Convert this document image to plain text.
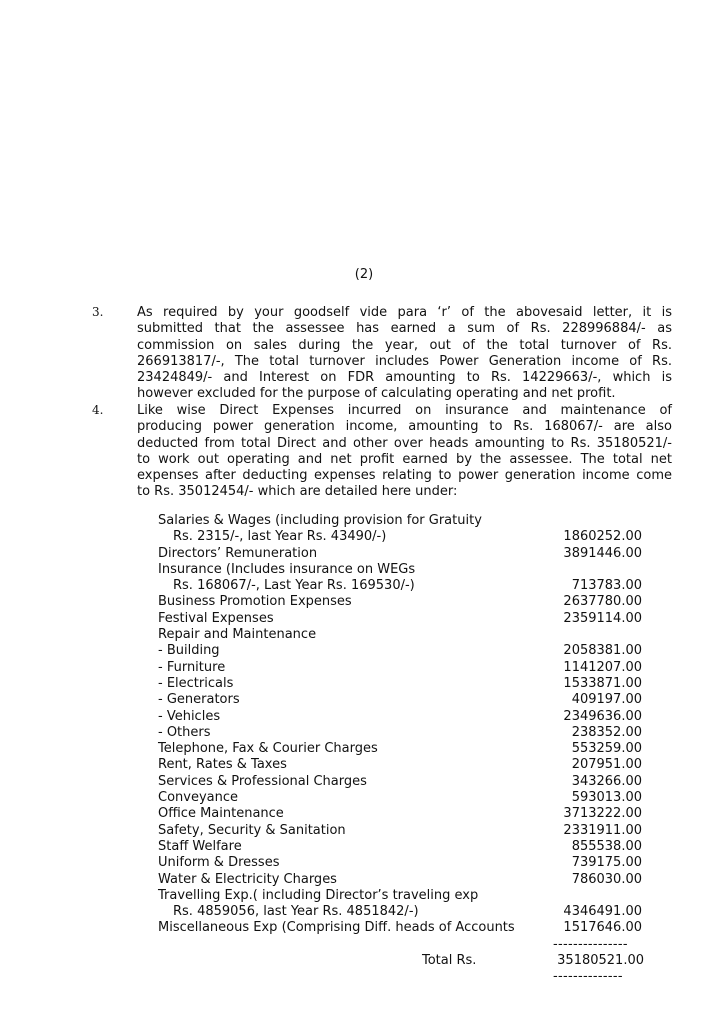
(2)
3.	As required by your goodself vide para ‘r’ of the abovesaid letter, it is
submitted that the assessee has earned a sum of Rs. 228996884/- as
commission on sales during the year, out of the total turnover of Rs.
266913817/-, The total turnover includes Power Generation income of Rs.
23424849/- and Interest on FDR amounting to Rs. 14229663/-, which is
however excluded for the purpose of calculating operating and net profit.
4.	Like wise Direct Expenses incurred on insurance and maintenance of
producing power generation income, amounting to Rs. 168067/- are also
deducted from total Direct and other over heads amounting to Rs. 35180521/-
to work out operating and net profit earned by the assessee. The total net
expenses after deducting expenses relating to power generation income come
to Rs. 35012454/- which are detailed here under:
Salaries & Wages (including provision for Gratuity
Rs. 2315/-, last Year Rs. 43490/-)	1860252.00
Directors’ Remuneration	3891446.00
Insurance (Includes insurance on WEGs
Rs. 168067/-, Last Year Rs. 169530/-)	713783.00
Business Promotion Expenses	2637780.00
Festival Expenses	2359114.00
Repair and Maintenance
- Building	2058381.00
- Furniture	1141207.00
- Electricals	1533871.00
- Generators	409197.00
- Vehicles	2349636.00
- Others	238352.00
Telephone, Fax & Courier Charges	553259.00
Rent, Rates & Taxes	207951.00
Services & Professional Charges	343266.00
Conveyance	593013.00
Office Maintenance	3713222.00
Safety, Security & Sanitation	2331911.00
Staff Welfare	855538.00
Uniform & Dresses	739175.00
Water & Electricity Charges	786030.00
Travelling Exp.( including Director’s traveling exp
Rs. 4859056, last Year Rs. 4851842/-)	4346491.00
Miscellaneous Exp (Comprising Diff. heads of Accounts	1517646.00
---------------
Total Rs.	35180521.00
--------------
